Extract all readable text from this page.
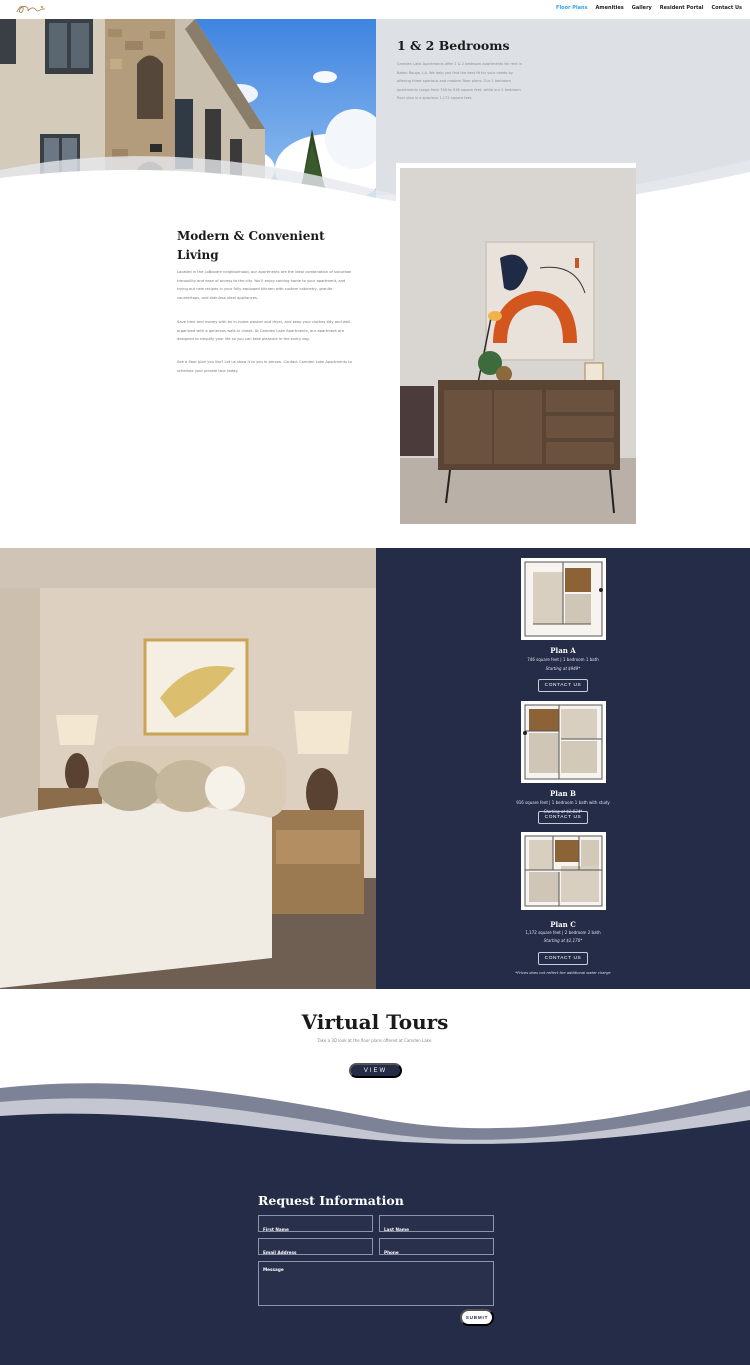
Floor Plans Amenities Gallery Resident Portal Contact Us
1 & 2 Bedrooms

Camden Lake Apartments offer 1 & 2 bedroom apartments for rent in Baton Rouge, LA. We help you find the best fit for your needs by offering three spacious and modern floor plans. Our 1 bedroom apartments range from 746 to 916 square feet, while our 2 bedroom floor plan is a spacious 1,172 square feet.

Modern & Convenient Living

Located in the LoBoodre neighborhood, our apartments are the ideal combination of suburban tranquility and ease of access to the city. You'll enjoy coming home to your apartment, and trying out new recipes in your fully equipped kitchen with custom cabinetry, granite countertops, and stainless-steel appliances.

Save time and money with an in-home washer and dryer, and keep your clothes tidy and well-organized with a generous walk-in closet. At Camden Lake Apartments, our apartment are designed to simplify your life so you can take pleasure in the every day.

See a floor plan you like? Let us show it to you in person. Contact Camden Lake Apartments to schedule your private tour today.

Plan A
746 square feet | 1 bedroom 1 bath
Starting at $949*
CONTACT US
Plan B
916 square feet | 1 bedroom 1 bath with study
Starting at $1,034*
CONTACT US
Plan C
1,172 square feet | 2 bedroom 2 bath
Starting at $1,170*
CONTACT US
*Prices does not reflect the additional water charge
Virtual Tours

Take a 3D look at the floor plans offered at Camden Lake.

VIEW
Request Information
First Name
Last Name
Email Address
Phone
Message
SUBMIT
